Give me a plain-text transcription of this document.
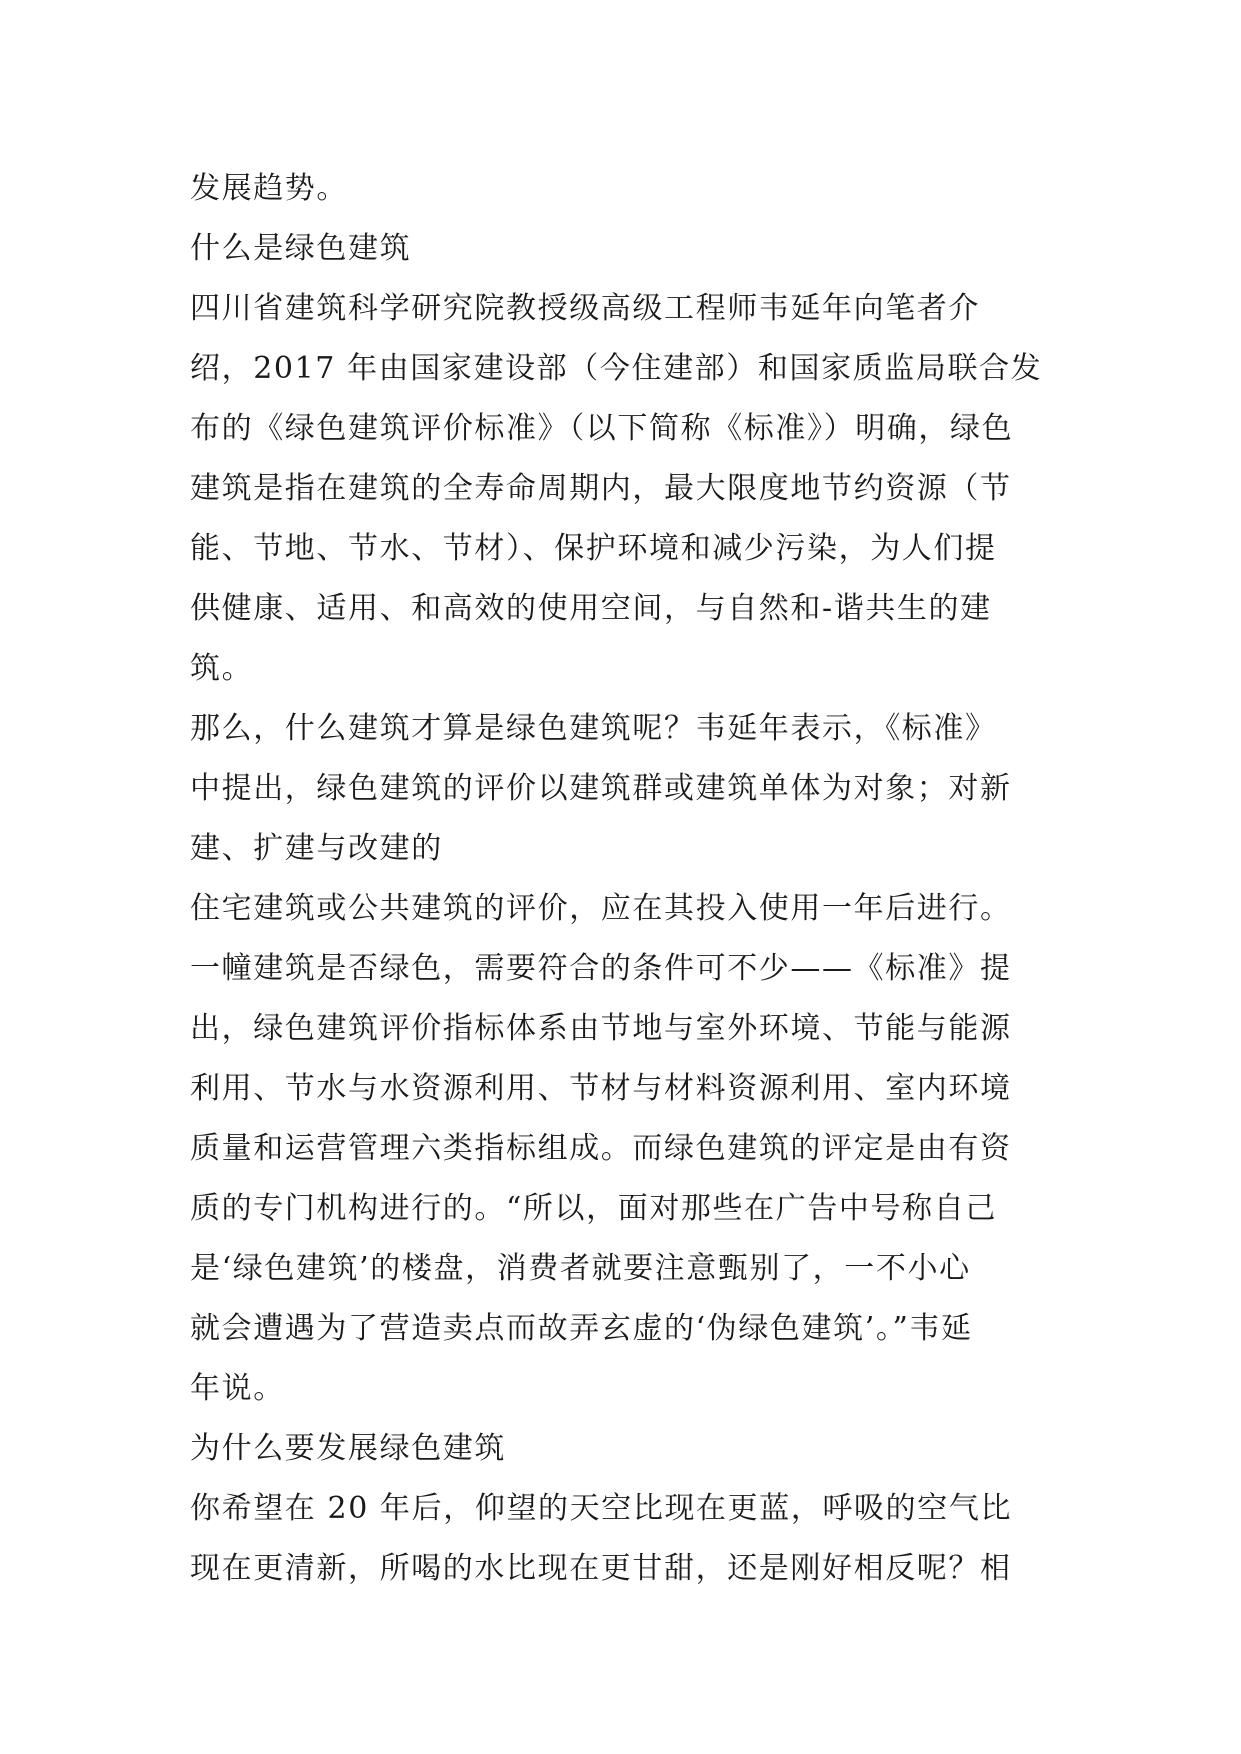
发展趋势。
什么是绿色建筑
四川省建筑科学研究院教授级高级工程师韦延年向笔者介
绍，2017 年由国家建设部（今住建部）和国家质监局联合发
布的《绿色建筑评价标准》（以下简称《标准》）明确，绿色
建筑是指在建筑的全寿命周期内，最大限度地节约资源（节
能、节地、节水、节材）、保护环境和减少污染，为人们提
供健康、适用、和高效的使用空间，与自然和-谐共生的建
筑。
那么，什么建筑才算是绿色建筑呢？韦延年表示，《标准》
中提出，绿色建筑的评价以建筑群或建筑单体为对象；对新
建、扩建与改建的
住宅建筑或公共建筑的评价，应在其投入使用一年后进行。
一幢建筑是否绿色，需要符合的条件可不少——《标准》提
出，绿色建筑评价指标体系由节地与室外环境、节能与能源
利用、节水与水资源利用、节材与材料资源利用、室内环境
质量和运营管理六类指标组成。而绿色建筑的评定是由有资
质的专门机构进行的。“所以，面对那些在广告中号称自己
是‘绿色建筑’的楼盘，消费者就要注意甄别了，一不小心
就会遭遇为了营造卖点而故弄玄虚的‘伪绿色建筑’。”韦延
年说。
为什么要发展绿色建筑
你希望在 20 年后，仰望的天空比现在更蓝，呼吸的空气比
现在更清新，所喝的水比现在更甘甜，还是刚好相反呢？相
